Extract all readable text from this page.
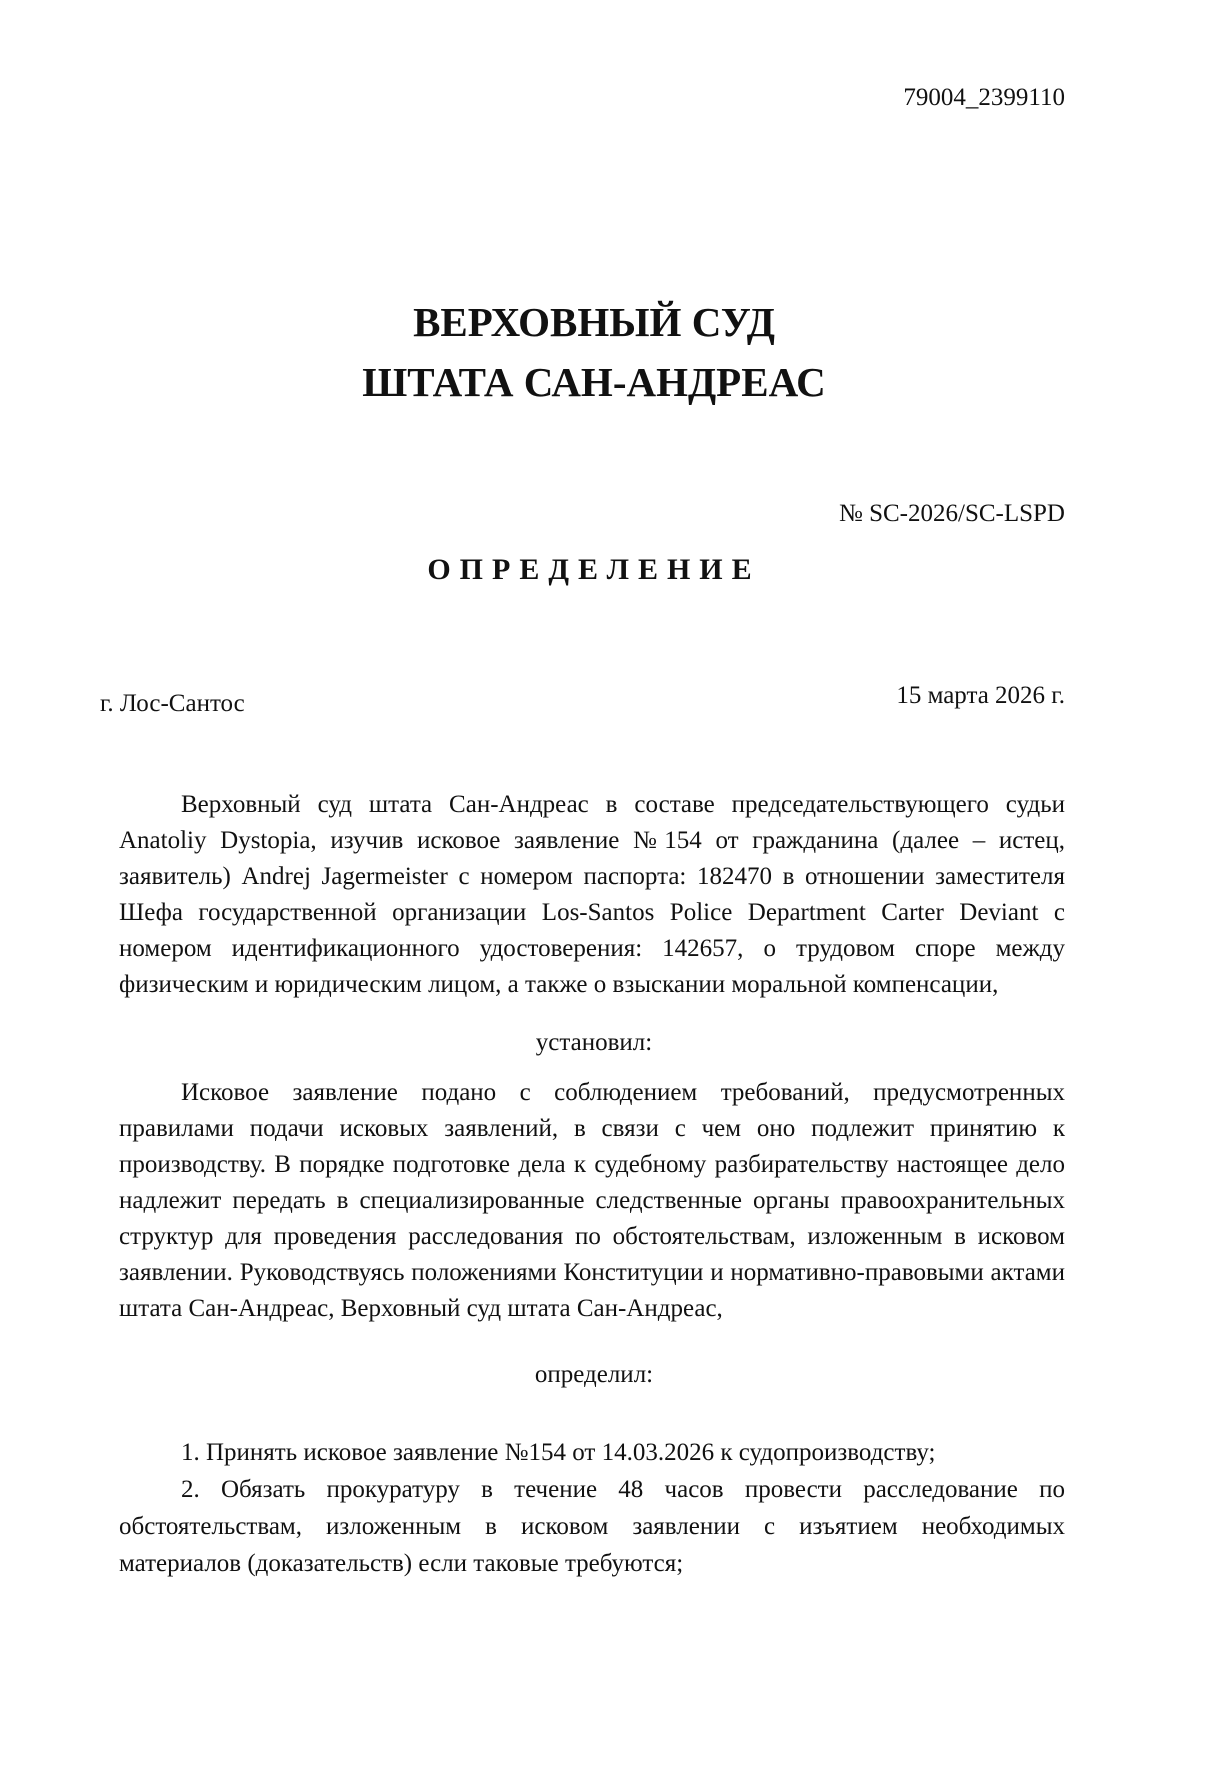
79004_2399110
ВЕРХОВНЫЙ СУД
ШТАТА САН-АНДРЕАС
№ SC-2026/SC-LSPD
ОПРЕДЕЛЕНИЕ
г. Лос-Сантос	15 марта 2026 г.
Верховный суд штата Сан-Андреас в составе председательствующего судьи Anatoliy Dystopia, изучив исковое заявление №154 от гражданина (далее – истец, заявитель) Andrej Jagermeister с номером паспорта: 182470 в отношении заместителя Шефа государственной организации Los-Santos Police Department Carter Deviant с номером идентификационного удостоверения: 142657, о трудовом споре между физическим и юридическим лицом, а также о взыскании моральной компенсации,
установил:
Исковое заявление подано с соблюдением требований, предусмотренных правилами подачи исковых заявлений, в связи с чем оно подлежит принятию к производству. В порядке подготовке дела к судебному разбирательству настоящее дело надлежит передать в специализированные следственные органы правоохранительных структур для проведения расследования по обстоятельствам, изложенным в исковом заявлении. Руководствуясь положениями Конституции и нормативно-правовыми актами штата Сан-Андреас, Верховный суд штата Сан-Андреас,
определил:
1. Принять исковое заявление №154 от 14.03.2026 к судопроизводству;
2. Обязать прокуратуру в течение 48 часов провести расследование по обстоятельствам, изложенным в исковом заявлении с изъятием необходимых материалов (доказательств) если таковые требуются;
